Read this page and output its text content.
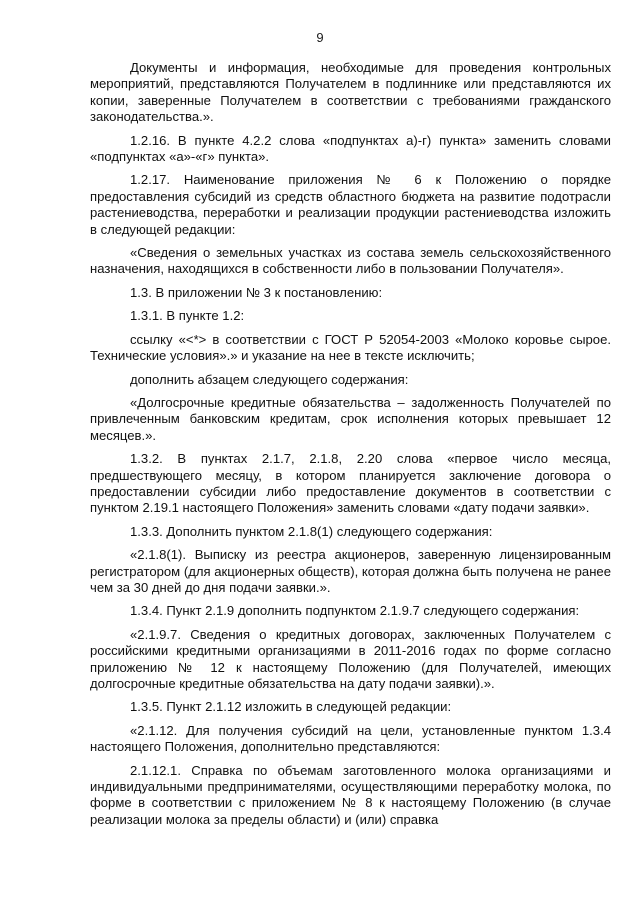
9

Документы и информация, необходимые для проведения контрольных мероприятий, представляются Получателем в подлиннике или представляются их копии, заверенные Получателем в соответствии с требованиями гражданского законодательства.».

1.2.16. В пункте 4.2.2 слова «подпунктах а)-г) пункта» заменить словами «подпунктах «а»-«г» пункта».

1.2.17. Наименование приложения № 6 к Положению о порядке предоставления субсидий из средств областного бюджета на развитие подотрасли растениеводства, переработки и реализации продукции растениеводства изложить в следующей редакции:

«Сведения о земельных участках из состава земель сельскохозяйственного назначения, находящихся в собственности либо в пользовании Получателя».

1.3. В приложении № 3 к постановлению:

1.3.1. В пункте 1.2:

ссылку «<*> в соответствии с ГОСТ Р 52054-2003 «Молоко коровье сырое. Технические условия».» и указание на нее в тексте исключить;

дополнить абзацем следующего содержания:

«Долгосрочные кредитные обязательства – задолженность Получателей по привлеченным банковским кредитам, срок исполнения которых превышает 12 месяцев.».

1.3.2. В пунктах 2.1.7, 2.1.8, 2.20 слова «первое число месяца, предшествующего месяцу, в котором планируется заключение договора о предоставлении субсидии либо предоставление документов в соответствии с пунктом 2.19.1 настоящего Положения» заменить словами «дату подачи заявки».

1.3.3. Дополнить пунктом 2.1.8(1) следующего содержания:

«2.1.8(1). Выписку из реестра акционеров, заверенную лицензированным регистратором (для акционерных обществ), которая должна быть получена не ранее чем за 30 дней до дня подачи заявки.».

1.3.4. Пункт 2.1.9 дополнить подпунктом 2.1.9.7 следующего содержания:

«2.1.9.7. Сведения о кредитных договорах, заключенных Получателем с российскими кредитными организациями в 2011-2016 годах по форме согласно приложению № 12 к настоящему Положению (для Получателей, имеющих долгосрочные кредитные обязательства на дату подачи заявки).».

1.3.5. Пункт 2.1.12 изложить в следующей редакции:

«2.1.12. Для получения субсидий на цели, установленные пунктом 1.3.4 настоящего Положения, дополнительно представляются:

2.1.12.1. Справка по объемам заготовленного молока организациями и индивидуальными предпринимателями, осуществляющими переработку молока, по форме в соответствии с приложением № 8 к настоящему Положению (в случае реализации молока за пределы области) и (или) справка
